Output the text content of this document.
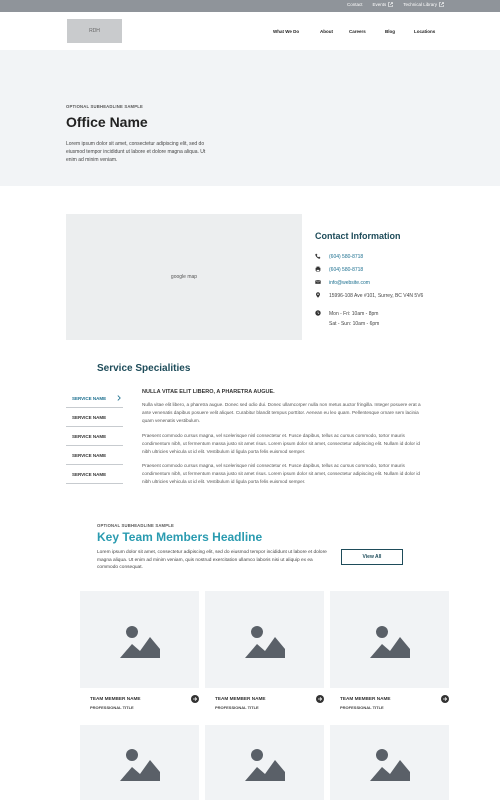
Contact Events	Technical Library
RDH	What We Do	About	Careers	Blog	Locations
OPTIONAL SUBHEADLINE SAMPLE
Office Name
Lorem ipsum dolor sit amet, consectetur adipiscing elit, sed do eiusmod tempor incididunt ut labore et dolore magna aliqua. Ut enim ad minim veniam.
google map
Contact Information
(604) 580-8718
(604) 580-8718
info@website.com
15996-108 Ave #101, Surrey, BC V4N 5V6
Mon - Fri: 10am - 8pm
Sat - Sun: 10am - 6pm
Service Specialities
SERVICE NAME
SERVICE NAME
SERVICE NAME
SERVICE NAME
SERVICE NAME
NULLA VITAE ELIT LIBERO, A PHARETRA AUGUE.
Nulla vitae elit libero, a pharetra augue. Donec sed odio dui. Donec ullamcorper nulla non metus auctor fringilla. Integer posuere erat a ante venenatis dapibus posuere velit aliquet. Curabitur blandit tempus porttitor. Aenean eu leo quam. Pellentesque ornare sem lacinia quam venenatis vestibulum.
Praesent commodo cursus magna, vel scelerisque nisl consectetur et. Fusce dapibus, tellus ac cursus commodo, tortor mauris condimentum nibh, ut fermentum massa justo sit amet risus. Lorem ipsum dolor sit amet, consectetur adipiscing elit. Nullam id dolor id nibh ultricies vehicula ut id elit. Vestibulum id ligula porta felis euismod semper.
Praesent commodo cursus magna, vel scelerisque nisl consectetur et. Fusce dapibus, tellus ac cursus commodo, tortor mauris condimentum nibh, ut fermentum massa justo sit amet risus. Lorem ipsum dolor sit amet, consectetur adipiscing elit. Nullam id dolor id nibh ultricies vehicula ut id elit. Vestibulum id ligula porta felis euismod semper.
OPTIONAL SUBHEADLINE SAMPLE
Key Team Members Headline
Lorem ipsum dolor sit amet, consectetur adipiscing elit, sed do eiusmod tempor incididunt ut labore et dolore magna aliqua. Ut enim ad minim veniam, quis nostrud exercitation ullamco laboris nisi ut aliquip ex ea commodo consequat.
View All
TEAM MEMBER NAME
PROFESSIONAL TITLE
TEAM MEMBER NAME
PROFESSIONAL TITLE
TEAM MEMBER NAME
PROFESSIONAL TITLE
